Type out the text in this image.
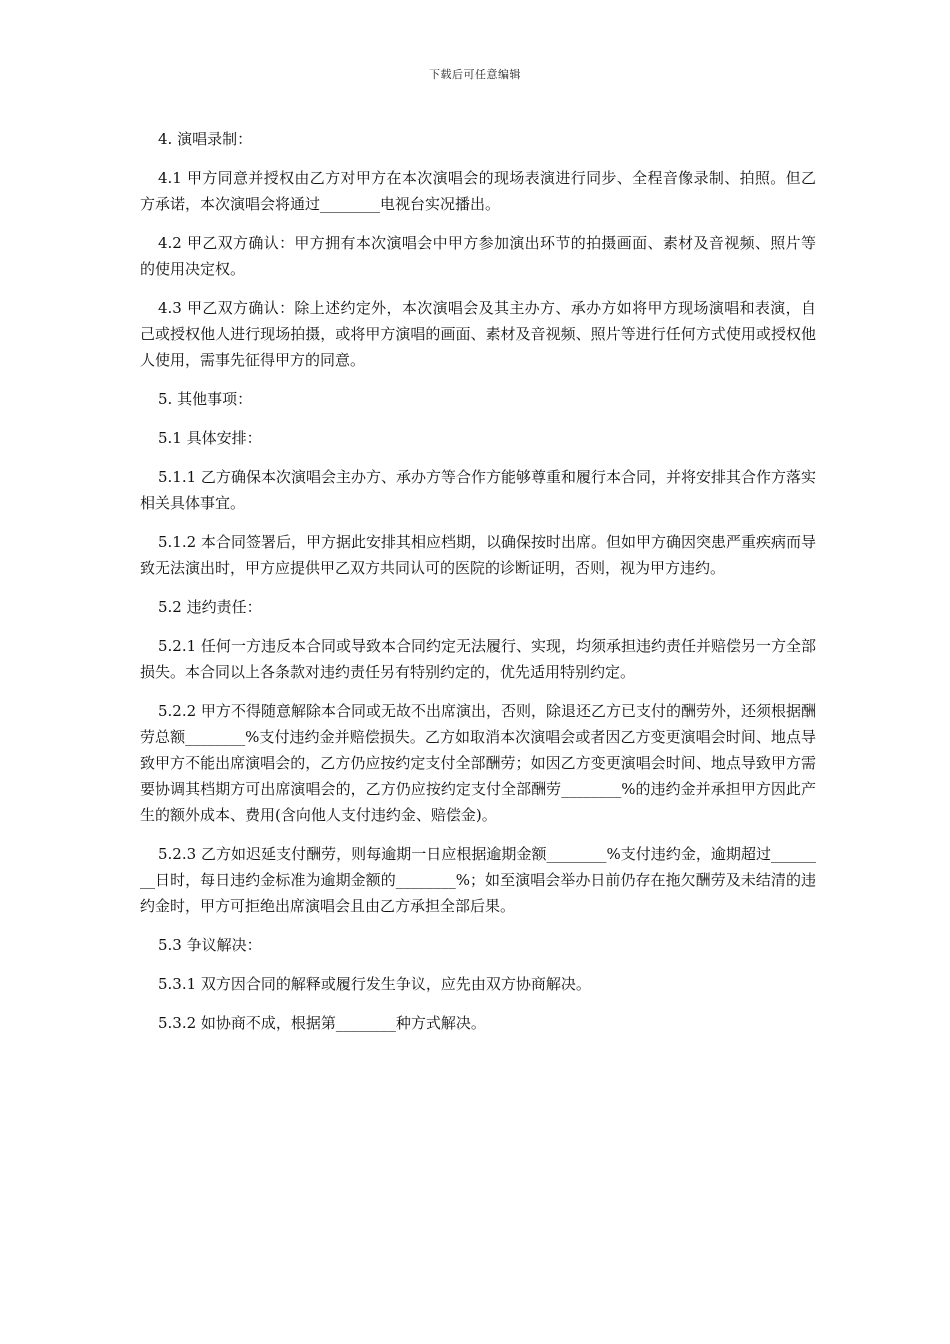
下载后可任意编辑

4. 演唱录制：

4.1 甲方同意并授权由乙方对甲方在本次演唱会的现场表演进行同步、全程音像录制、拍照。但乙方承诺，本次演唱会将通过________电视台实况播出。

4.2 甲乙双方确认：甲方拥有本次演唱会中甲方参加演出环节的拍摄画面、素材及音视频、照片等的使用决定权。

4.3 甲乙双方确认：除上述约定外，本次演唱会及其主办方、承办方如将甲方现场演唱和表演，自己或授权他人进行现场拍摄，或将甲方演唱的画面、素材及音视频、照片等进行任何方式使用或授权他人使用，需事先征得甲方的同意。

5. 其他事项：

5.1 具体安排：

5.1.1 乙方确保本次演唱会主办方、承办方等合作方能够尊重和履行本合同，并将安排其合作方落实相关具体事宜。

5.1.2 本合同签署后，甲方据此安排其相应档期，以确保按时出席。但如甲方确因突患严重疾病而导致无法演出时，甲方应提供甲乙双方共同认可的医院的诊断证明，否则，视为甲方违约。

5.2 违约责任：

5.2.1 任何一方违反本合同或导致本合同约定无法履行、实现，均须承担违约责任并赔偿另一方全部损失。本合同以上各条款对违约责任另有特别约定的，优先适用特别约定。

5.2.2 甲方不得随意解除本合同或无故不出席演出，否则，除退还乙方已支付的酬劳外，还须根据酬劳总额________%支付违约金并赔偿损失。乙方如取消本次演唱会或者因乙方变更演唱会时间、地点导致甲方不能出席演唱会的，乙方仍应按约定支付全部酬劳；如因乙方变更演唱会时间、地点导致甲方需要协调其档期方可出席演唱会的，乙方仍应按约定支付全部酬劳________%的违约金并承担甲方因此产生的额外成本、费用(含向他人支付违约金、赔偿金)。

5.2.3 乙方如迟延支付酬劳，则每逾期一日应根据逾期金额________%支付违约金，逾期超过________日时，每日违约金标准为逾期金额的________%；如至演唱会举办日前仍存在拖欠酬劳及未结清的违约金时，甲方可拒绝出席演唱会且由乙方承担全部后果。

5.3 争议解决：

5.3.1 双方因合同的解释或履行发生争议，应先由双方协商解决。

5.3.2 如协商不成，根据第________种方式解决。
